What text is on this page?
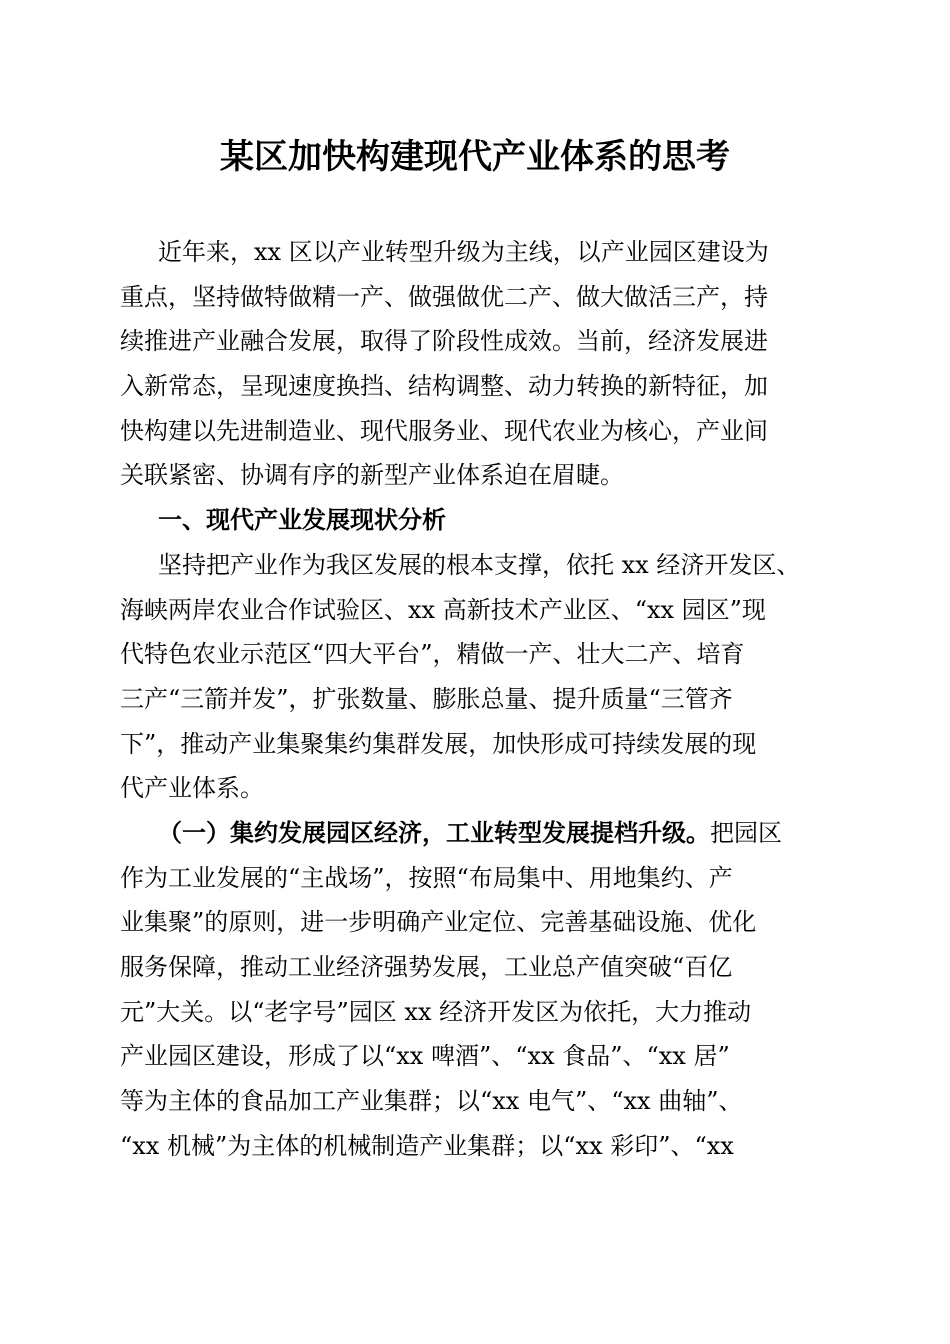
某区加快构建现代产业体系的思考
近年来，xx 区以产业转型升级为主线，以产业园区建设为
重点，坚持做特做精一产、做强做优二产、做大做活三产，持
续推进产业融合发展，取得了阶段性成效。当前，经济发展进
入新常态，呈现速度换挡、结构调整、动力转换的新特征，加
快构建以先进制造业、现代服务业、现代农业为核心，产业间
关联紧密、协调有序的新型产业体系迫在眉睫。
一、现代产业发展现状分析
坚持把产业作为我区发展的根本支撑，依托 xx 经济开发区、
海峡两岸农业合作试验区、xx 高新技术产业区、“xx 园区”现
代特色农业示范区“四大平台”，精做一产、壮大二产、培育
三产“三箭并发”，扩张数量、膨胀总量、提升质量“三管齐
下”，推动产业集聚集约集群发展，加快形成可持续发展的现
代产业体系。
（一）集约发展园区经济，工业转型发展提档升级。把园区
作为工业发展的“主战场”，按照“布局集中、用地集约、产
业集聚”的原则，进一步明确产业定位、完善基础设施、优化
服务保障，推动工业经济强势发展，工业总产值突破“百亿
元”大关。以“老字号”园区 xx 经济开发区为依托，大力推动
产业园区建设，形成了以“xx 啤酒”、“xx 食品”、“xx 居”
等为主体的食品加工产业集群；以“xx 电气”、“xx 曲轴”、
“xx 机械”为主体的机械制造产业集群；以“xx 彩印”、“xx
